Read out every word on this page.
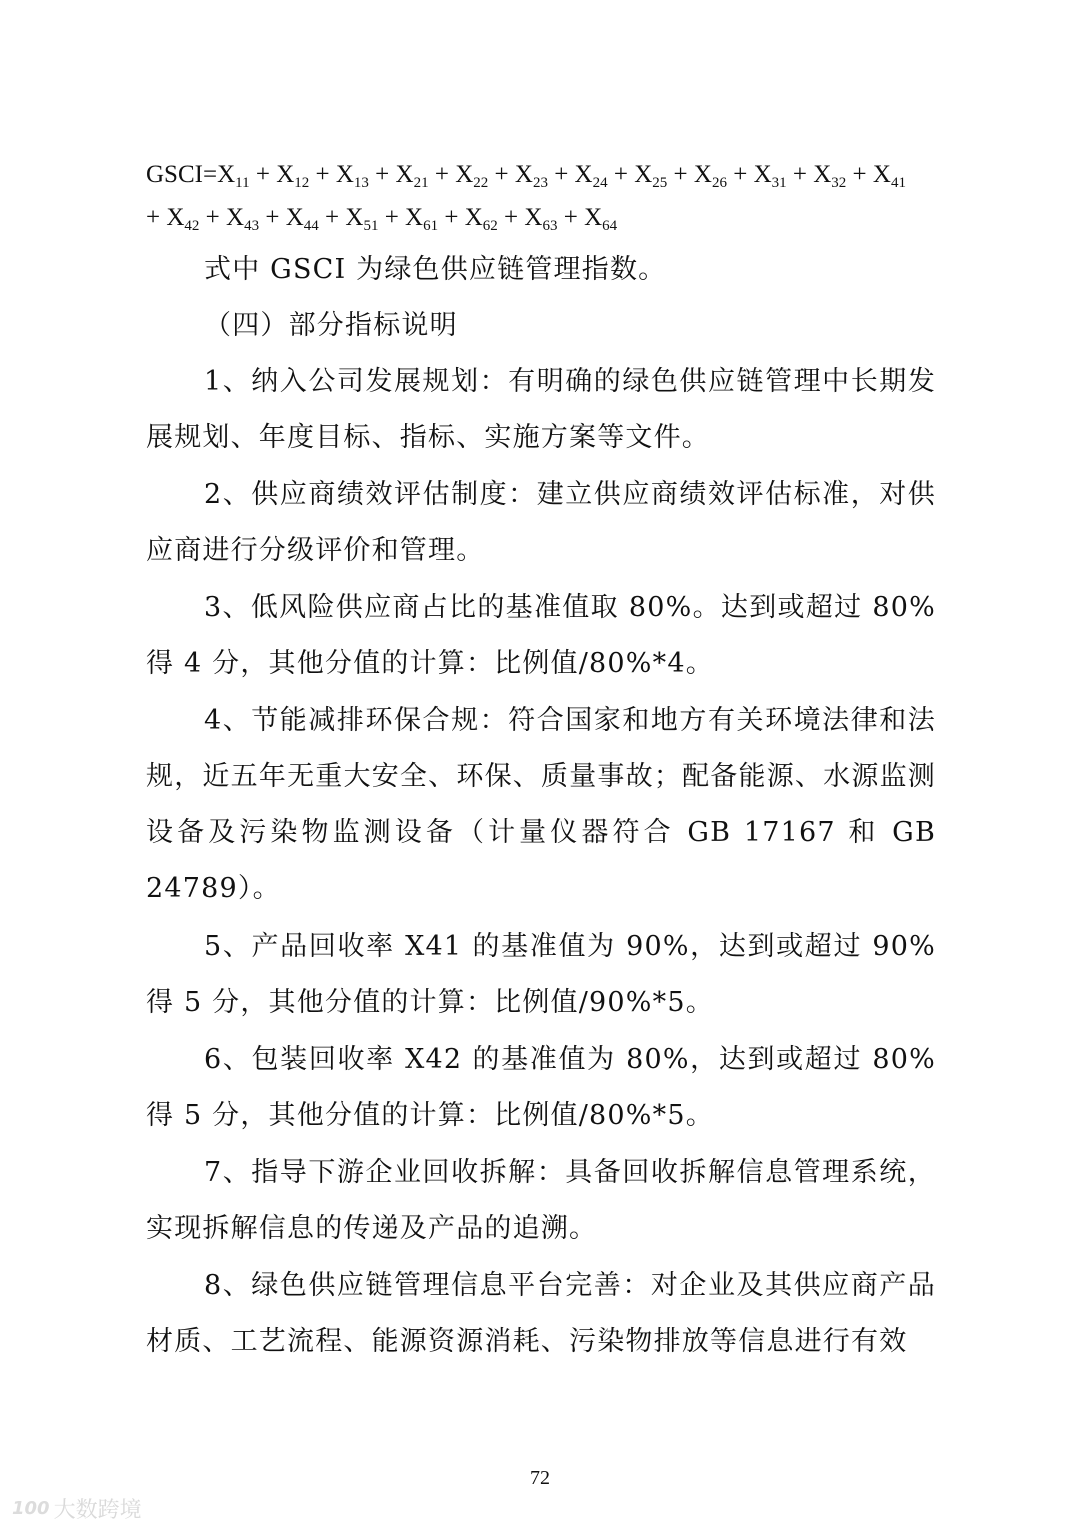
$GSCI=X_{11} + X_{12} + X_{13} + X_{21} + X_{22} + X_{23} + X_{24} + X_{25} + X_{26} + X_{31} + X_{32} + X_{41}$
+ $X_{42} + X_{43} + X_{44} + X_{51} + X_{61} + X_{62} + X_{63} + X_{64}$

式中 GSCI 为绿色供应链管理指数。

（四）部分指标说明

1、纳入公司发展规划：有明确的绿色供应链管理中长期发展规划、年度目标、指标、实施方案等文件。

2、供应商绩效评估制度：建立供应商绩效评估标准，对供应商进行分级评价和管理。

3、低风险供应商占比的基准值取 80%。达到或超过 80%得 4 分，其他分值的计算：比例值/80%*4。

4、节能减排环保合规：符合国家和地方有关环境法律和法规，近五年无重大安全、环保、质量事故；配备能源、水源监测设备及污染物监测设备（计量仪器符合 GB 17167 和 GB 24789）。

5、产品回收率 X41 的基准值为 90%，达到或超过 90%得 5 分，其他分值的计算：比例值/90%*5。

6、包装回收率 X42 的基准值为 80%，达到或超过 80%得 5 分，其他分值的计算：比例值/80%*5。

7、指导下游企业回收拆解：具备回收拆解信息管理系统，实现拆解信息的传递及产品的追溯。

8、绿色供应链管理信息平台完善：对企业及其供应商产品材质、工艺流程、能源资源消耗、污染物排放等信息进行有效

72
100 大数跨境
